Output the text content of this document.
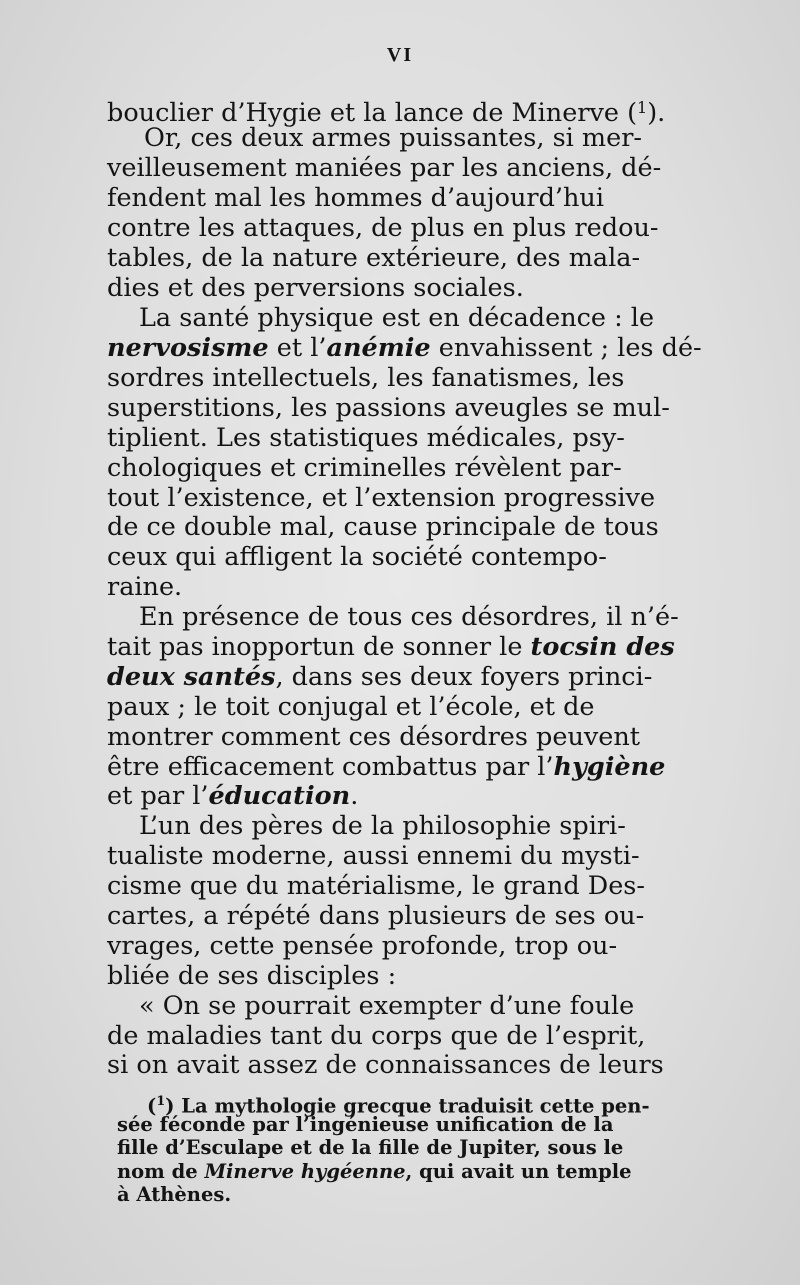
VI
bouclier d’Hygie et la lance de Minerve ($^1$).
Or, ces deux armes puissantes, si mer-
veilleusement maniées par les anciens, dé-
fendent mal les hommes d’aujourd’hui
contre les attaques, de plus en plus redou-
tables, de la nature extérieure, des mala-
dies et des perversions sociales.
La santé physique est en décadence : le
nervosisme et l’anémie envahissent ; les dé-
sordres intellectuels, les fanatismes, les
superstitions, les passions aveugles se mul-
tiplient. Les statistiques médicales, psy-
chologiques et criminelles révèlent par-
tout l’existence, et l’extension progressive
de ce double mal, cause principale de tous
ceux qui affligent la société contempo-
raine.
En présence de tous ces désordres, il n’é-
tait pas inopportun de sonner le tocsin des
deux santés, dans ses deux foyers princi-
paux ; le toit conjugal et l’école, et de
montrer comment ces désordres peuvent
être efficacement combattus par l’hygiène
et par l’éducation.
L’un des pères de la philosophie spiri-
tualiste moderne, aussi ennemi du mysti-
cisme que du matérialisme, le grand Des-
cartes, a répété dans plusieurs de ses ou-
vrages, cette pensée profonde, trop ou-
bliée de ses disciples :
« On se pourrait exempter d’une foule
de maladies tant du corps que de l’esprit,
si on avait assez de connaissances de leurs
($^1$) La mythologie grecque traduisit cette pen-
sée féconde par l’ingénieuse unification de la
fille d’Esculape et de la fille de Jupiter, sous le
nom de Minerve hygéenne, qui avait un temple
à Athènes.
